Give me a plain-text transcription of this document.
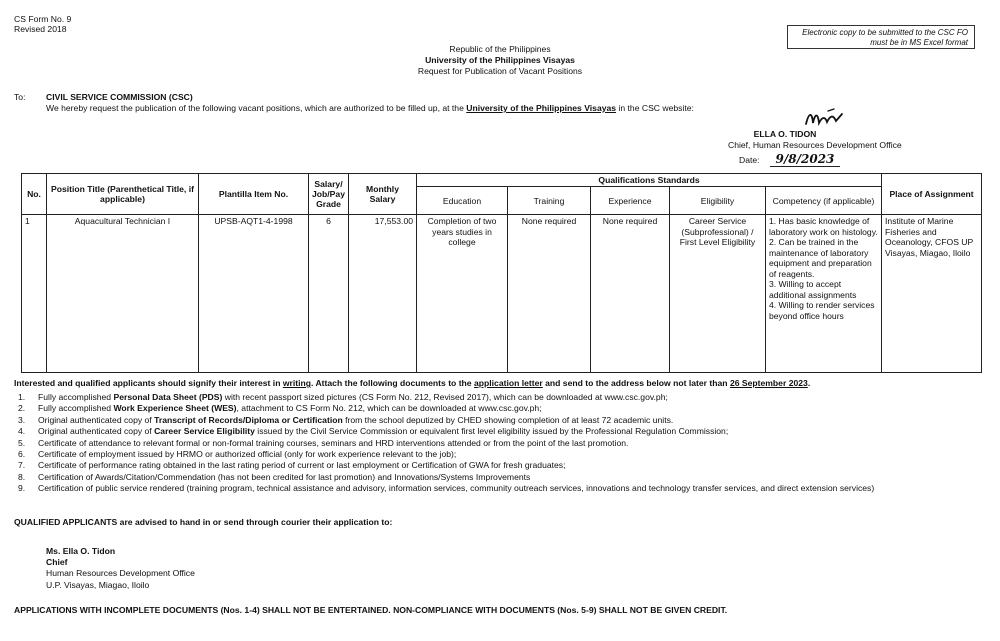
CS Form No. 9
Revised 2018	Electronic copy to be submitted to the CSC FO must be in MS Excel format
Republic of the Philippines
University of the Philippines Visayas
Request for Publication of Vacant Positions
To: CIVIL SERVICE COMMISSION (CSC)
We hereby request the publication of the following vacant positions, which are authorized to be filled up, at the University of the Philippines Visayas in the CSC website:
ELLA O. TIDON
Chief, Human Resources Development Office
Date: 9/8/2023
No.	Position Title (Parenthetical Title, if applicable)	Plantilla Item No.	Salary/ Job/Pay Grade	Monthly Salary	Qualifications Standards					Place of Assignment
					Education	Training	Experience	Eligibility	Competency (if applicable)	
1	Aquacultural Technician I	UPSB-AQT1-4-1998	6	17,553.00	Completion of two years studies in college	None required	None required	Career Service (Subprofessional) / First Level Eligibility	1. Has basic knowledge of laboratory work on histology.
2. Can be trained in the maintenance of laboratory equipment and preparation of reagents.
3. Willing to accept additional assignments
4. Willing to render services beyond office hours	Institute of Marine Fisheries and Oceanology, CFOS UP Visayas, Miagao, Iloilo
Interested and qualified applicants should signify their interest in writing. Attach the following documents to the application letter and send to the address below not later than 26 September 2023.
1. Fully accomplished Personal Data Sheet (PDS) with recent passport sized pictures (CS Form No. 212, Revised 2017), which can be downloaded at www.csc.gov.ph;
2. Fully accomplished Work Experience Sheet (WES), attachment to CS Form No. 212, which can be downloaded at www.csc.gov.ph;
3. Original authenticated copy of Transcript of Records/Diploma or Certification from the school deputized by CHED showing completion of at least 72 academic units.
4. Original authenticated copy of Career Service Eligibility issued by the Civil Service Commission or equivalent first level eligibility issued by the Professional Regulation Commission;
5. Certificate of attendance to relevant formal or non-formal training courses, seminars and HRD interventions attended or from the point of the last promotion.
6. Certificate of employment issued by HRMO or authorized official (only for work experience relevant to the job);
7. Certificate of performance rating obtained in the last rating period of current or last employment or Certification of GWA for fresh graduates;
8. Certification of Awards/Citation/Commendation (has not been credited for last promotion) and Innovations/Systems Improvements
9. Certification of public service rendered (training program, technical assistance and advisory, information services, community outreach services, innovations and technology transfer services, and direct extension services)
QUALIFIED APPLICANTS are advised to hand in or send through courier their application to:
Ms. Ella O. Tidon
Chief
Human Resources Development Office
U.P. Visayas, Miagao, Iloilo
APPLICATIONS WITH INCOMPLETE DOCUMENTS (Nos. 1-4) SHALL NOT BE ENTERTAINED. NON-COMPLIANCE WITH DOCUMENTS (Nos. 5-9) SHALL NOT BE GIVEN CREDIT.
